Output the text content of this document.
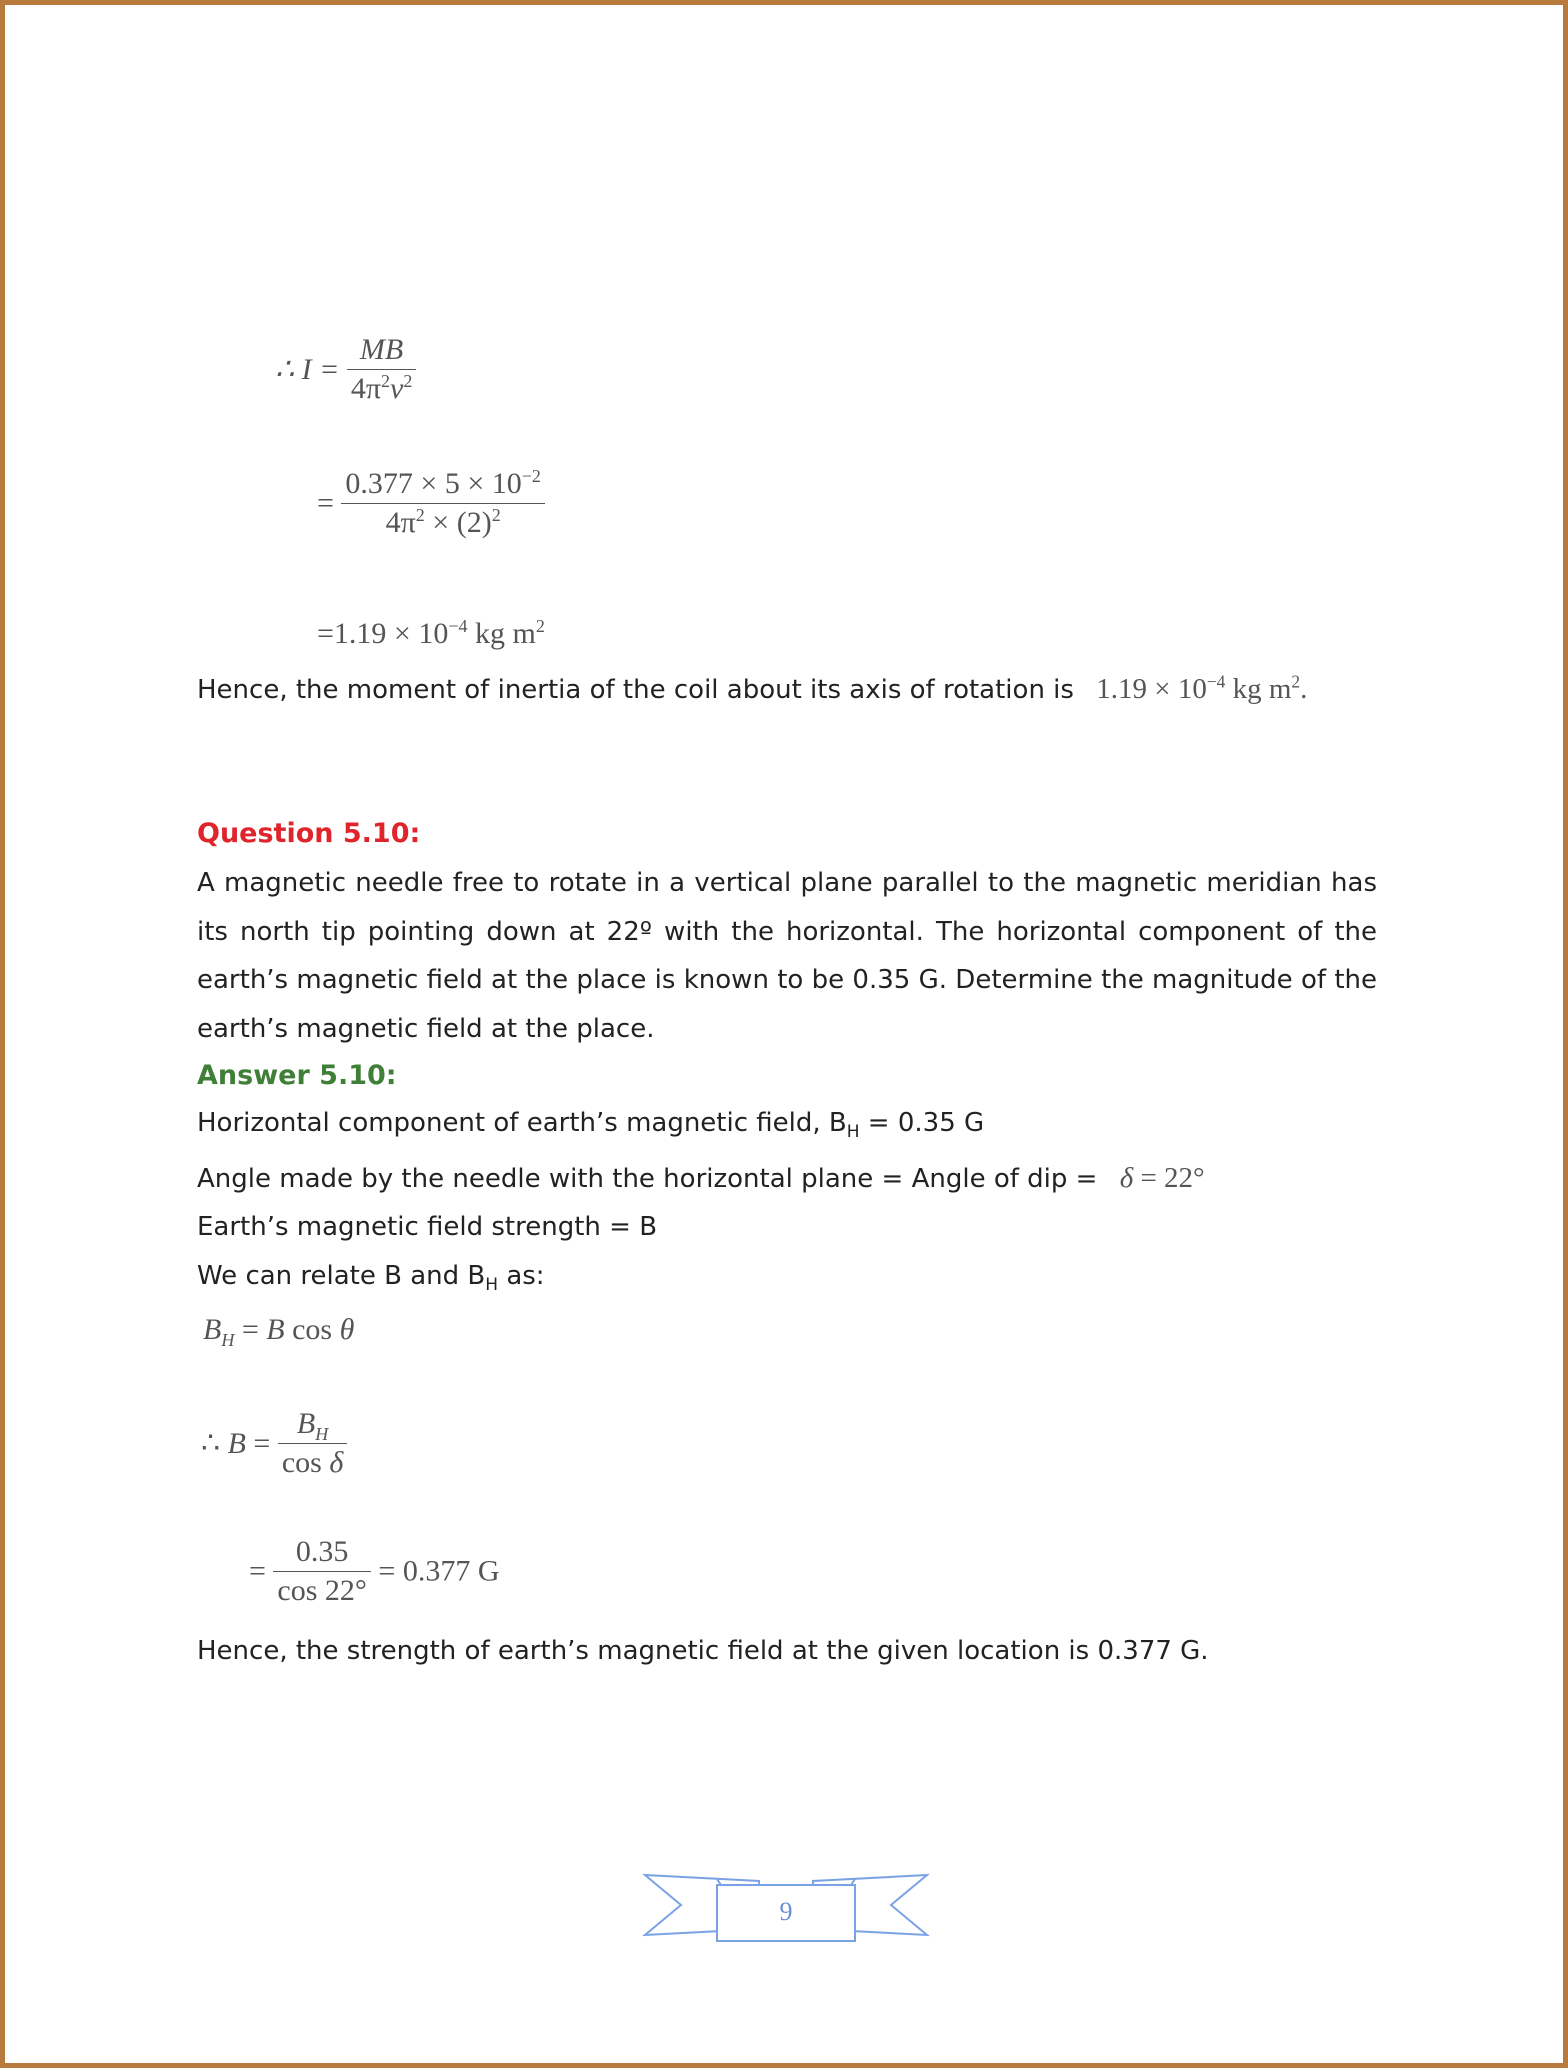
∴ $I = \frac{MB}{4\pi^2v^2}$
= $\frac{0.377 \times 5 \times 10^{-2}}{4\pi^2 \times (2)^2}$
$=1.19 \times 10^{-4}$ kg $m^2$
Hence, the moment of inertia of the coil about its axis of rotation is $1.19 \times 10^{-4}$ kg $m^2$.
Question 5.10:
A magnetic needle free to rotate in a vertical plane parallel to the magnetic meridian has its north tip pointing down at 22º with the horizontal. The horizontal component of the earth’s magnetic field at the place is known to be 0.35 G. Determine the magnitude of the earth’s magnetic field at the place.
Answer 5.10:
Horizontal component of earth’s magnetic field, $B_H = 0.35$ G
Angle made by the needle with the horizontal plane = Angle of dip = δ = 22°
Earth’s magnetic field strength = B
We can relate B and $B_H$ as:
$B_H = B$ cos θ
∴ $B = \frac{B_H}{\text{cos δ}}$
= $\frac{0.35}{\cos 22^\circ} = 0.377$ G
Hence, the strength of earth’s magnetic field at the given location is 0.377 G.
9
